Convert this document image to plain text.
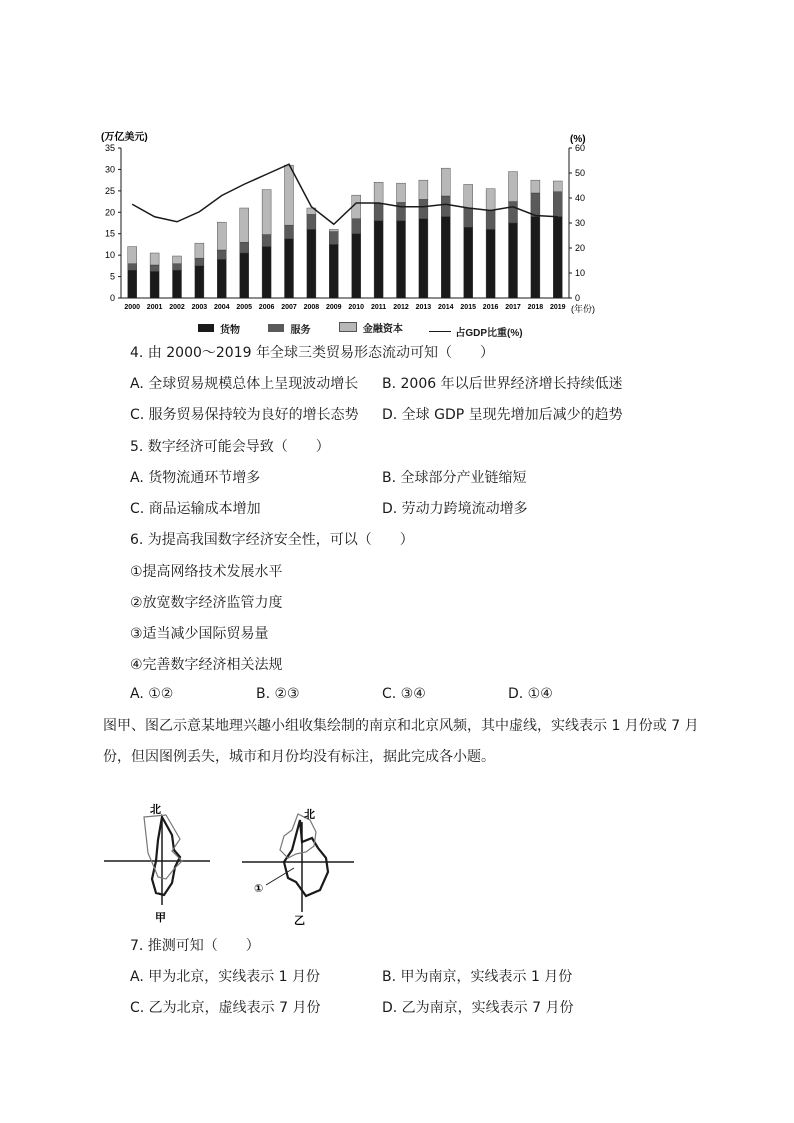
(万亿美元)	(%)
0
5
10
15
20
25
30
35
0
10
20
30
40
50
60
2000 2001 2002 2003 2004 2005 2006 2007 2008 2009 2010 2011 2012 2013 2014 2015 2016 2017 2018 2019 (年份)
货物
	服务
	金融资本
	占GDP比重(%)
4. 由 2000～2019 年全球三类贸易形态流动可知（　　）
A. 全球贸易规模总体上呈现波动增长 B. 2006 年以后世界经济增长持续低迷
C. 服务贸易保持较为良好的增长态势 D. 全球 GDP 呈现先增加后减少的趋势
5. 数字经济可能会导致（　　）
A. 货物流通环节增多	B. 全球部分产业链缩短
C. 商品运输成本增加	D. 劳动力跨境流动增多
6. 为提高我国数字经济安全性，可以（　　）
①提高网络技术发展水平
②放宽数字经济监管力度
③适当减少国际贸易量
④完善数字经济相关法规
A. ①②	B. ②③	C. ③④	D. ①④
图甲、图乙示意某地理兴趣小组收集绘制的南京和北京风频，其中虚线，实线表示 1 月份或 7 月
份，但因图例丢失，城市和月份均没有标注，据此完成各小题。
北
甲
北
①
乙
7. 推测可知（　　）
A. 甲为北京，实线表示 1 月份	B. 甲为南京，实线表示 1 月份
C. 乙为北京，虚线表示 7 月份	D. 乙为南京，实线表示 7 月份
